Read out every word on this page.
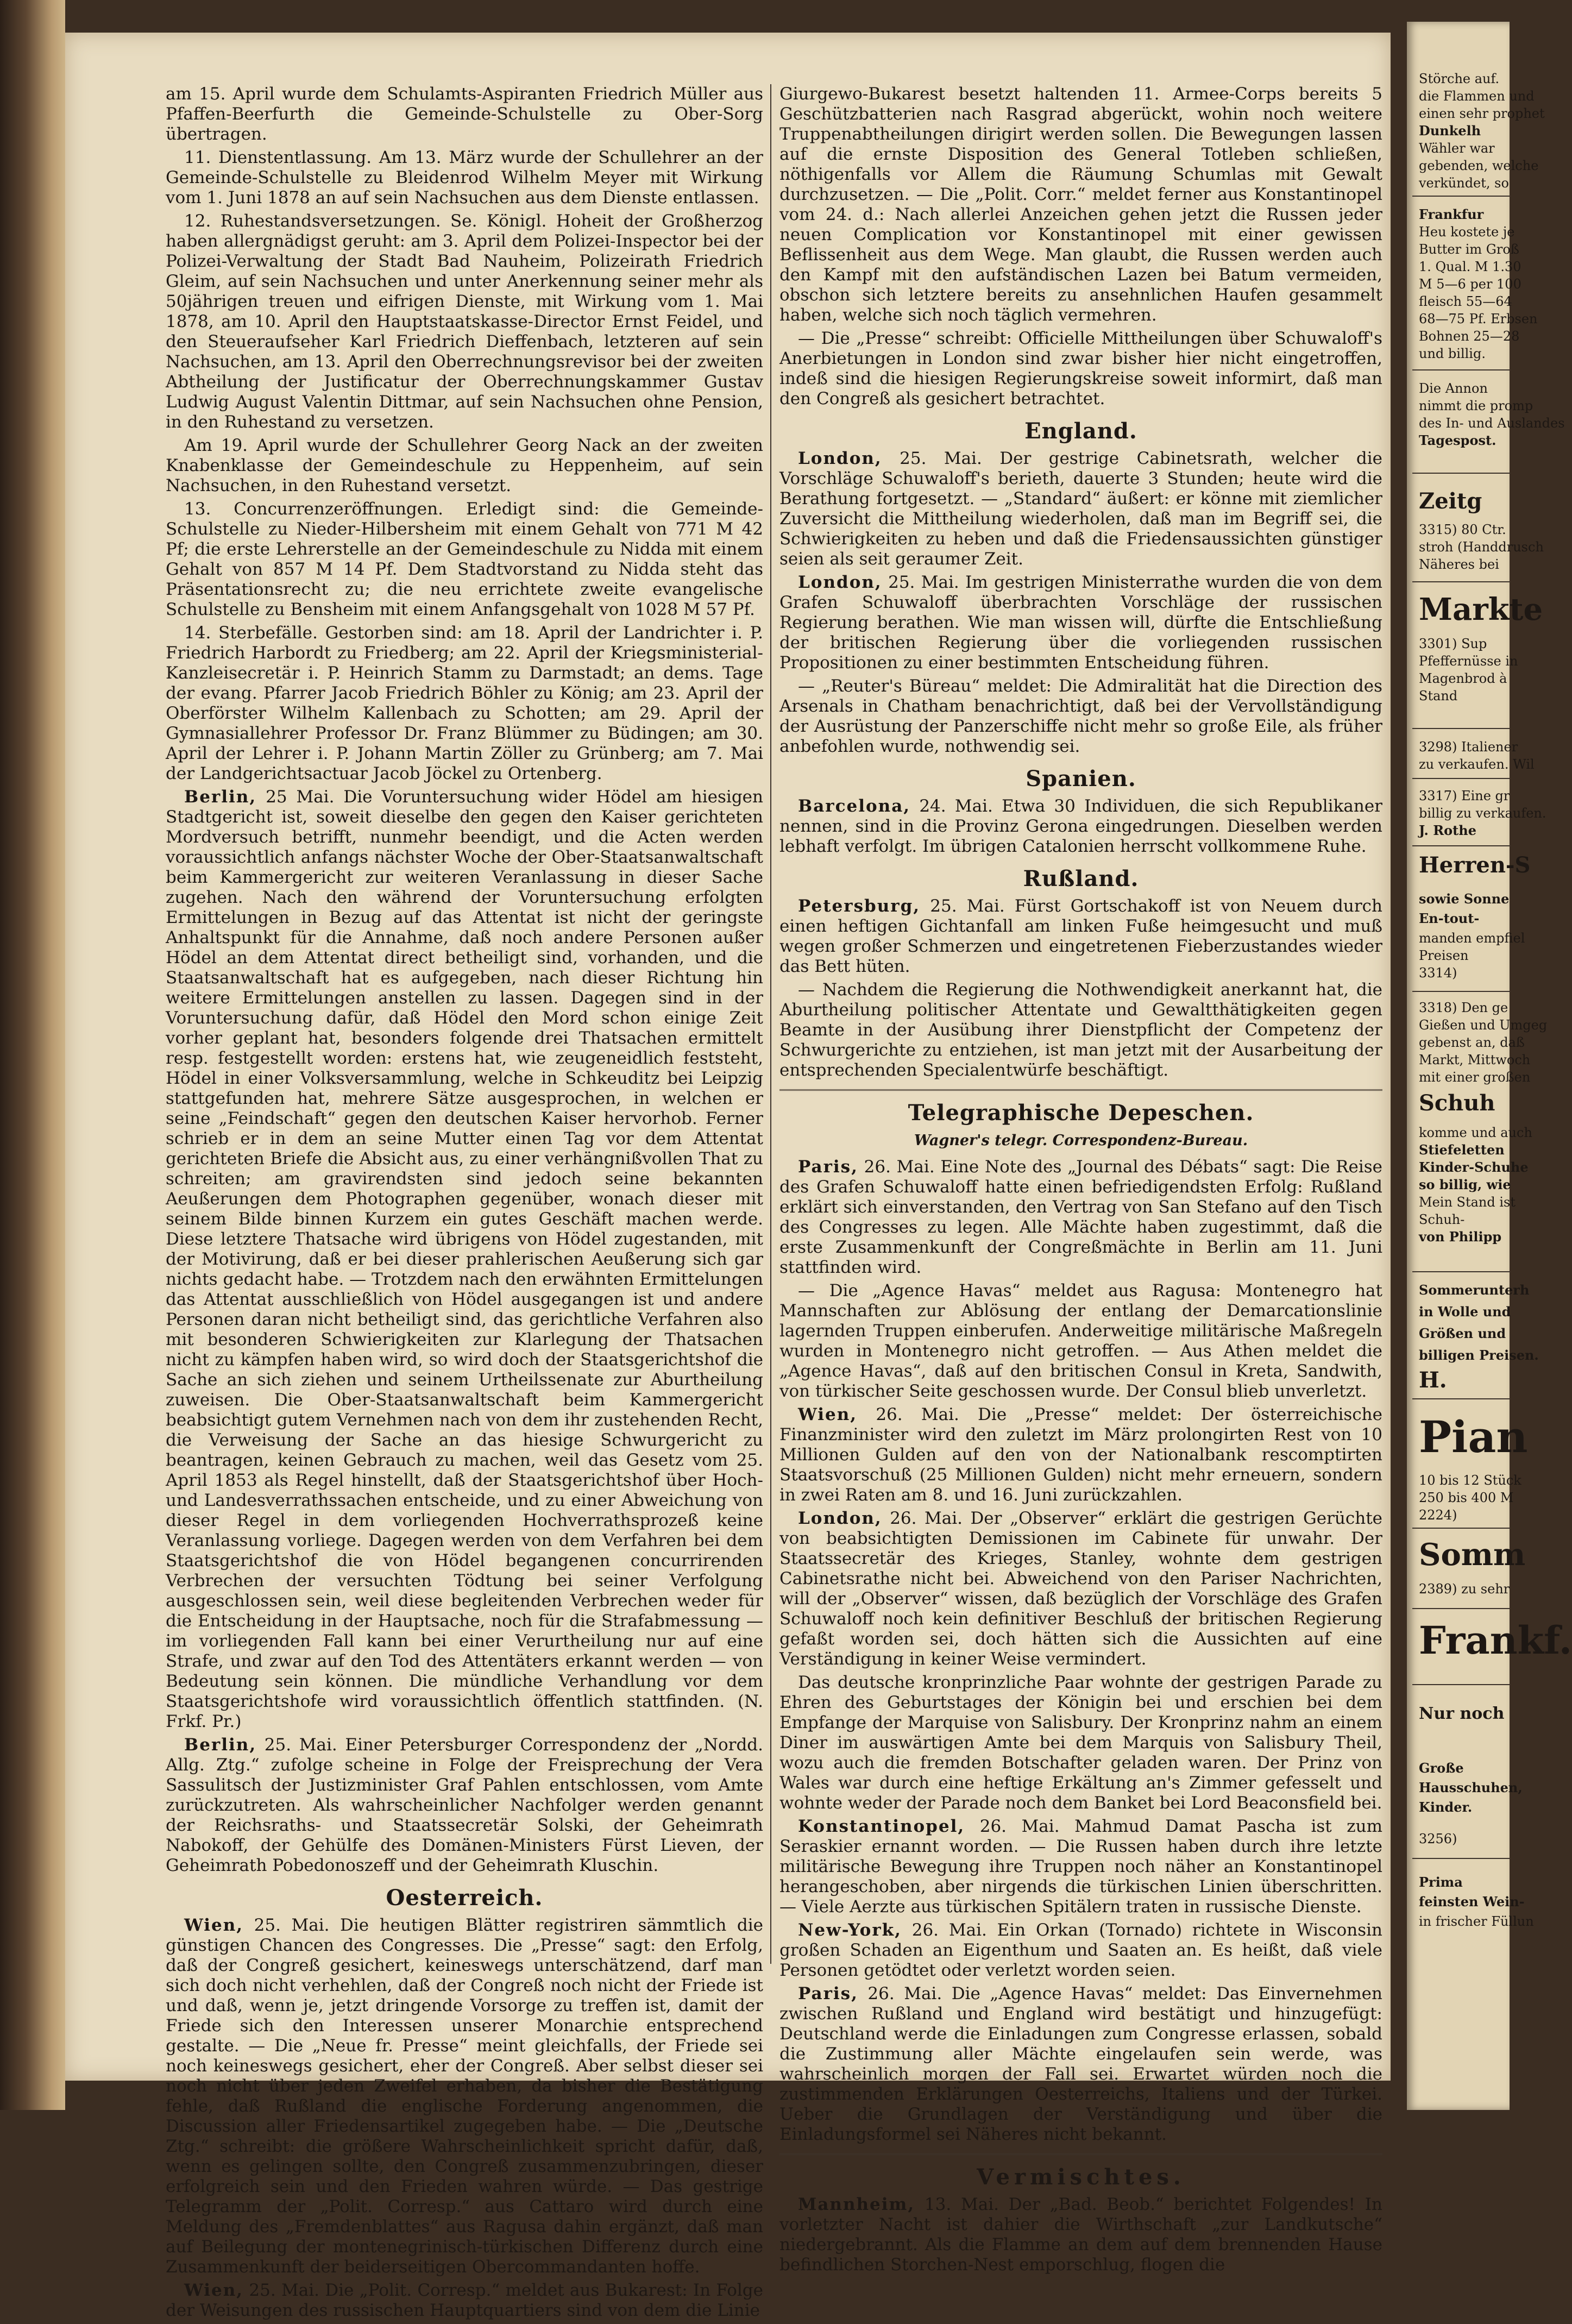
am 15. April wurde dem Schulamts-Aspiranten Friedrich Müller aus Pfaffen-Beerfurth die Gemeinde-Schulstelle zu Ober-Sorg übertragen.

11. Dienstentlassung. Am 13. März wurde der Schullehrer an der Gemeinde-Schulstelle zu Bleidenrod Wilhelm Meyer mit Wirkung vom 1. Juni 1878 an auf sein Nachsuchen aus dem Dienste entlassen.

12. Ruhestandsversetzungen. Se. Königl. Hoheit der Großherzog haben allergnädigst geruht: am 3. April dem Polizei-Inspector bei der Polizei-Verwaltung der Stadt Bad Nauheim, Polizeirath Friedrich Gleim, auf sein Nachsuchen und unter Anerkennung seiner mehr als 50jährigen treuen und eifrigen Dienste, mit Wirkung vom 1. Mai 1878, am 10. April den Hauptstaatskasse-Director Ernst Feidel, und den Steueraufseher Karl Friedrich Dieffenbach, letzteren auf sein Nachsuchen, am 13. April den Oberrechnungsrevisor bei der zweiten Abtheilung der Justificatur der Oberrechnungskammer Gustav Ludwig August Valentin Dittmar, auf sein Nachsuchen ohne Pension, in den Ruhestand zu versetzen.

Am 19. April wurde der Schullehrer Georg Nack an der zweiten Knabenklasse der Gemeindeschule zu Heppenheim, auf sein Nachsuchen, in den Ruhestand versetzt.

13. Concurrenzeröffnungen. Erledigt sind: die Gemeinde-Schulstelle zu Nieder-Hilbersheim mit einem Gehalt von 771 M 42 Pf; die erste Lehrerstelle an der Gemeindeschule zu Nidda mit einem Gehalt von 857 M 14 Pf. Dem Stadtvorstand zu Nidda steht das Präsentationsrecht zu; die neu errichtete zweite evangelische Schulstelle zu Bensheim mit einem Anfangsgehalt von 1028 M 57 Pf.

14. Sterbefälle. Gestorben sind: am 18. April der Landrichter i. P. Friedrich Harbordt zu Friedberg; am 22. April der Kriegsministerial-Kanzleisecretär i. P. Heinrich Stamm zu Darmstadt; an dems. Tage der evang. Pfarrer Jacob Friedrich Böhler zu König; am 23. April der Oberförster Wilhelm Kallenbach zu Schotten; am 29. April der Gymnasiallehrer Professor Dr. Franz Blümmer zu Büdingen; am 30. April der Lehrer i. P. Johann Martin Zöller zu Grünberg; am 7. Mai der Landgerichtsactuar Jacob Jöckel zu Ortenberg.

Berlin, 25 Mai. Die Voruntersuchung wider Hödel am hiesigen Stadtgericht ist, soweit dieselbe den gegen den Kaiser gerichteten Mordversuch betrifft, nunmehr beendigt, und die Acten werden voraussichtlich anfangs nächster Woche der Ober-Staatsanwaltschaft beim Kammergericht zur weiteren Veranlassung in dieser Sache zugehen. Nach den während der Voruntersuchung erfolgten Ermittelungen in Bezug auf das Attentat ist nicht der geringste Anhaltspunkt für die Annahme, daß noch andere Personen außer Hödel an dem Attentat direct betheiligt sind, vorhanden, und die Staatsanwaltschaft hat es aufgegeben, nach dieser Richtung hin weitere Ermittelungen anstellen zu lassen. Dagegen sind in der Voruntersuchung dafür, daß Hödel den Mord schon einige Zeit vorher geplant hat, besonders folgende drei Thatsachen ermittelt resp. festgestellt worden: erstens hat, wie zeugeneidlich feststeht, Hödel in einer Volksversammlung, welche in Schkeuditz bei Leipzig stattgefunden hat, mehrere Sätze ausgesprochen, in welchen er seine „Feindschaft“ gegen den deutschen Kaiser hervorhob. Ferner schrieb er in dem an seine Mutter einen Tag vor dem Attentat gerichteten Briefe die Absicht aus, zu einer verhängnißvollen That zu schreiten; am gravirendsten sind jedoch seine bekannten Aeußerungen dem Photographen gegenüber, wonach dieser mit seinem Bilde binnen Kurzem ein gutes Geschäft machen werde. Diese letztere Thatsache wird übrigens von Hödel zugestanden, mit der Motivirung, daß er bei dieser prahlerischen Aeußerung sich gar nichts gedacht habe. — Trotzdem nach den erwähnten Ermittelungen das Attentat ausschließlich von Hödel ausgegangen ist und andere Personen daran nicht betheiligt sind, das gerichtliche Verfahren also mit besonderen Schwierigkeiten zur Klarlegung der Thatsachen nicht zu kämpfen haben wird, so wird doch der Staatsgerichtshof die Sache an sich ziehen und seinem Urtheilssenate zur Aburtheilung zuweisen. Die Ober-Staatsanwaltschaft beim Kammergericht beabsichtigt gutem Vernehmen nach von dem ihr zustehenden Recht, die Verweisung der Sache an das hiesige Schwurgericht zu beantragen, keinen Gebrauch zu machen, weil das Gesetz vom 25. April 1853 als Regel hinstellt, daß der Staatsgerichtshof über Hoch- und Landesverrathssachen entscheide, und zu einer Abweichung von dieser Regel in dem vorliegenden Hochverrathsprozeß keine Veranlassung vorliege. Dagegen werden von dem Verfahren bei dem Staatsgerichtshof die von Hödel begangenen concurrirenden Verbrechen der versuchten Tödtung bei seiner Verfolgung ausgeschlossen sein, weil diese begleitenden Verbrechen weder für die Entscheidung in der Hauptsache, noch für die Strafabmessung — im vorliegenden Fall kann bei einer Verurtheilung nur auf eine Strafe, und zwar auf den Tod des Attentäters erkannt werden — von Bedeutung sein können. Die mündliche Verhandlung vor dem Staatsgerichtshofe wird voraussichtlich öffentlich stattfinden. (N. Frkf. Pr.)

Berlin, 25. Mai. Einer Petersburger Correspondenz der „Nordd. Allg. Ztg.“ zufolge scheine in Folge der Freisprechung der Vera Sassulitsch der Justizminister Graf Pahlen entschlossen, vom Amte zurückzutreten. Als wahrscheinlicher Nachfolger werden genannt der Reichsraths- und Staatssecretär Solski, der Geheimrath Nabokoff, der Gehülfe des Domänen-Ministers Fürst Lieven, der Geheimrath Pobedonoszeff und der Geheimrath Kluschin.

Oesterreich.

Wien, 25. Mai. Die heutigen Blätter registriren sämmtlich die günstigen Chancen des Congresses. Die „Presse“ sagt: den Erfolg, daß der Congreß gesichert, keineswegs unterschätzend, darf man sich doch nicht verhehlen, daß der Congreß noch nicht der Friede ist und daß, wenn je, jetzt dringende Vorsorge zu treffen ist, damit der Friede sich den Interessen unserer Monarchie entsprechend gestalte. — Die „Neue fr. Presse“ meint gleichfalls, der Friede sei noch keineswegs gesichert, eher der Congreß. Aber selbst dieser sei noch nicht über jeden Zweifel erhaben, da bisher die Bestätigung fehle, daß Rußland die englische Forderung angenommen, die Discussion aller Friedensartikel zugegeben habe. — Die „Deutsche Ztg.“ schreibt: die größere Wahrscheinlichkeit spricht dafür, daß, wenn es gelingen sollte, den Congreß zusammenzubringen, dieser erfolgreich sein und den Frieden wahren würde. — Das gestrige Telegramm der „Polit. Corresp.“ aus Cattaro wird durch eine Meldung des „Fremdenblattes“ aus Ragusa dahin ergänzt, daß man auf Beilegung der montenegrinisch-türkischen Differenz durch eine Zusammenkunft der beiderseitigen Obercommandanten hoffe.

Wien, 25. Mai. Die „Polit. Corresp.“ meldet aus Bukarest: In Folge der Weisungen des russischen Hauptquartiers sind von dem die Linie

Giurgewo-Bukarest besetzt haltenden 11. Armee-Corps bereits 5 Geschützbatterien nach Rasgrad abgerückt, wohin noch weitere Truppenabtheilungen dirigirt werden sollen. Die Bewegungen lassen auf die ernste Disposition des General Totleben schließen, nöthigenfalls vor Allem die Räumung Schumlas mit Gewalt durchzusetzen. — Die „Polit. Corr.“ meldet ferner aus Konstantinopel vom 24. d.: Nach allerlei Anzeichen gehen jetzt die Russen jeder neuen Complication vor Konstantinopel mit einer gewissen Beflissenheit aus dem Wege. Man glaubt, die Russen werden auch den Kampf mit den aufständischen Lazen bei Batum vermeiden, obschon sich letztere bereits zu ansehnlichen Haufen gesammelt haben, welche sich noch täglich vermehren.

— Die „Presse“ schreibt: Officielle Mittheilungen über Schuwaloff's Anerbietungen in London sind zwar bisher hier nicht eingetroffen, indeß sind die hiesigen Regierungskreise soweit informirt, daß man den Congreß als gesichert betrachtet.

England.

London, 25. Mai. Der gestrige Cabinetsrath, welcher die Vorschläge Schuwaloff's berieth, dauerte 3 Stunden; heute wird die Berathung fortgesetzt. — „Standard“ äußert: er könne mit ziemlicher Zuversicht die Mittheilung wiederholen, daß man im Begriff sei, die Schwierigkeiten zu heben und daß die Friedensaussichten günstiger seien als seit geraumer Zeit.

London, 25. Mai. Im gestrigen Ministerrathe wurden die von dem Grafen Schuwaloff überbrachten Vorschläge der russischen Regierung berathen. Wie man wissen will, dürfte die Entschließung der britischen Regierung über die vorliegenden russischen Propositionen zu einer bestimmten Entscheidung führen.

— „Reuter's Büreau“ meldet: Die Admiralität hat die Direction des Arsenals in Chatham benachrichtigt, daß bei der Vervollständigung der Ausrüstung der Panzerschiffe nicht mehr so große Eile, als früher anbefohlen wurde, nothwendig sei.

Spanien.

Barcelona, 24. Mai. Etwa 30 Individuen, die sich Republikaner nennen, sind in die Provinz Gerona eingedrungen. Dieselben werden lebhaft verfolgt. Im übrigen Catalonien herrscht vollkommene Ruhe.

Rußland.

Petersburg, 25. Mai. Fürst Gortschakoff ist von Neuem durch einen heftigen Gichtanfall am linken Fuße heimgesucht und muß wegen großer Schmerzen und eingetretenen Fieberzustandes wieder das Bett hüten.

— Nachdem die Regierung die Nothwendigkeit anerkannt hat, die Aburtheilung politischer Attentate und Gewaltthätigkeiten gegen Beamte in der Ausübung ihrer Dienstpflicht der Competenz der Schwurgerichte zu entziehen, ist man jetzt mit der Ausarbeitung der entsprechenden Specialentwürfe beschäftigt.

Telegraphische Depeschen.
Wagner's telegr. Correspondenz-Bureau.

Paris, 26. Mai. Eine Note des „Journal des Débats“ sagt: Die Reise des Grafen Schuwaloff hatte einen befriedigendsten Erfolg: Rußland erklärt sich einverstanden, den Vertrag von San Stefano auf den Tisch des Congresses zu legen. Alle Mächte haben zugestimmt, daß die erste Zusammenkunft der Congreßmächte in Berlin am 11. Juni stattfinden wird.

— Die „Agence Havas“ meldet aus Ragusa: Montenegro hat Mannschaften zur Ablösung der entlang der Demarcationslinie lagernden Truppen einberufen. Anderweitige militärische Maßregeln wurden in Montenegro nicht getroffen. — Aus Athen meldet die „Agence Havas“, daß auf den britischen Consul in Kreta, Sandwith, von türkischer Seite geschossen wurde. Der Consul blieb unverletzt.

Wien, 26. Mai. Die „Presse“ meldet: Der österreichische Finanzminister wird den zuletzt im März prolongirten Rest von 10 Millionen Gulden auf den von der Nationalbank rescomptirten Staatsvorschuß (25 Millionen Gulden) nicht mehr erneuern, sondern in zwei Raten am 8. und 16. Juni zurückzahlen.

London, 26. Mai. Der „Observer“ erklärt die gestrigen Gerüchte von beabsichtigten Demissionen im Cabinete für unwahr. Der Staatssecretär des Krieges, Stanley, wohnte dem gestrigen Cabinetsrathe nicht bei. Abweichend von den Pariser Nachrichten, will der „Observer“ wissen, daß bezüglich der Vorschläge des Grafen Schuwaloff noch kein definitiver Beschluß der britischen Regierung gefaßt worden sei, doch hätten sich die Aussichten auf eine Verständigung in keiner Weise vermindert.

Das deutsche kronprinzliche Paar wohnte der gestrigen Parade zu Ehren des Geburtstages der Königin bei und erschien bei dem Empfange der Marquise von Salisbury. Der Kronprinz nahm an einem Diner im auswärtigen Amte bei dem Marquis von Salisbury Theil, wozu auch die fremden Botschafter geladen waren. Der Prinz von Wales war durch eine heftige Erkältung an's Zimmer gefesselt und wohnte weder der Parade noch dem Banket bei Lord Beaconsfield bei.

Konstantinopel, 26. Mai. Mahmud Damat Pascha ist zum Seraskier ernannt worden. — Die Russen haben durch ihre letzte militärische Bewegung ihre Truppen noch näher an Konstantinopel herangeschoben, aber nirgends die türkischen Linien überschritten. — Viele Aerzte aus türkischen Spitälern traten in russische Dienste.

New-York, 26. Mai. Ein Orkan (Tornado) richtete in Wisconsin großen Schaden an Eigenthum und Saaten an. Es heißt, daß viele Personen getödtet oder verletzt worden seien.

Paris, 26. Mai. Die „Agence Havas“ meldet: Das Einvernehmen zwischen Rußland und England wird bestätigt und hinzugefügt: Deutschland werde die Einladungen zum Congresse erlassen, sobald die Zustimmung aller Mächte eingelaufen sein werde, was wahrscheinlich morgen der Fall sei. Erwartet würden noch die zustimmenden Erklärungen Oesterreichs, Italiens und der Türkei. Ueber die Grundlagen der Verständigung und über die Einladungsformel sei Näheres nicht bekannt.

Vermischtes.

Mannheim, 13. Mai. Der „Bad. Beob.“ berichtet Folgendes! In vorletzter Nacht ist dahier die Wirthschaft „zur Landkutsche“ niedergebrannt. Als die Flamme an dem auf dem brennenden Hause befindlichen Storchen-Nest emporschlug, flogen die

Störche auf.
die Flammen und
einen sehr prophet
Dunkelh
Wähler war
gebenden, welche
verkündet, so
Frankfur
Heu kostete je
Butter im Groß
1. Qual. M 1.30
M 5—6 per 100
fleisch 55—64
68—75 Pf. Erbsen
Bohnen 25—28
und billig.
Die Annon
nimmt die promp
des In- und Auslandes
Tagespost.
Zeitg
3315) 80 Ctr.
stroh (Handdrusch
Näheres bei
Markte
3301) Sup
Pfeffernüsse in
Magenbrod à
Stand
3298) Italiener
zu verkaufen. Wil
3317) Eine gr
billig zu verkaufen.
J. Rothe
Herren-S
sowie Sonne
En-tout-
manden empfiel
Preisen
3314)
3318) Den ge
Gießen und Umgeg
gebenst an, daß
Markt, Mittwoch
mit einer großen
Schuh
komme und auch
Stiefeletten
Kinder-Schuhe
so billig, wie
Mein Stand ist
Schuh-
von Philipp
Sommerunterh
in Wolle und
Größen und
billigen Preisen.
H.
Pian
10 bis 12 Stück
250 bis 400 M
2224)
Somm
2389) zu sehr
Frankf.
Nur noch
Große
Hausschuhen,
Kinder.
3256)
Prima
feinsten Wein-
in frischer Füllun
